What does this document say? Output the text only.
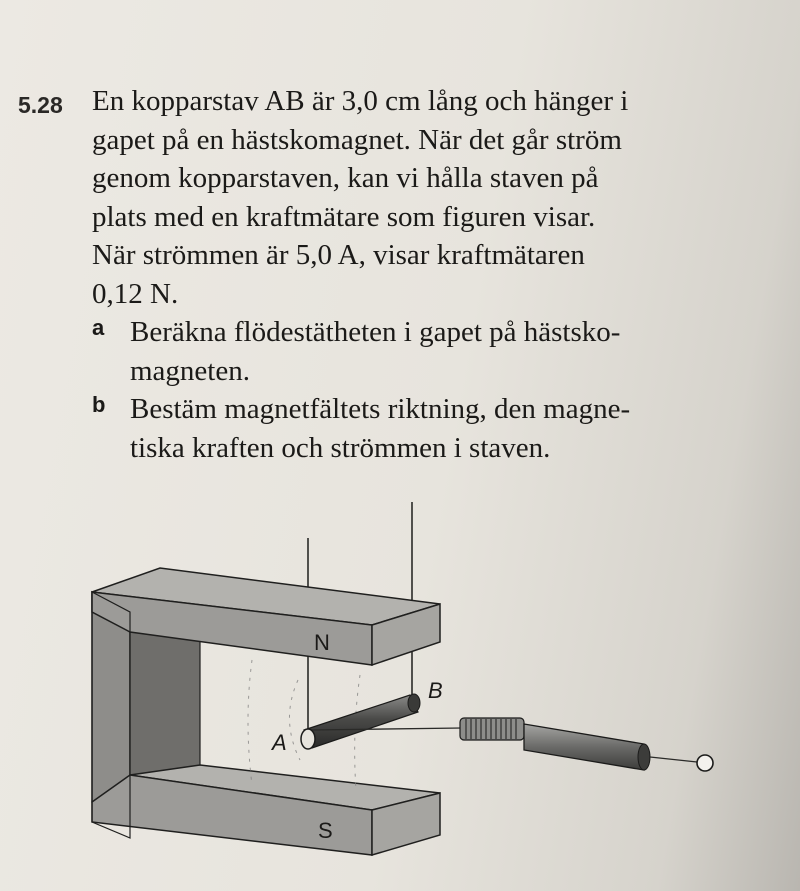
5.28 En kopparstav AB är 3,0 cm lång och hänger i
gapet på en hästskomagnet. När det går ström
genom kopparstaven, kan vi hålla staven på
plats med en kraftmätare som figuren visar.
När strömmen är 5,0 A, visar kraftmätaren
0,12 N.

a Beräkna flödestätheten i gapet på hästsko-
magneten.
b Bestäm magnetfältets riktning, den magne-
tiska kraften och strömmen i staven.
N
S
A
B
